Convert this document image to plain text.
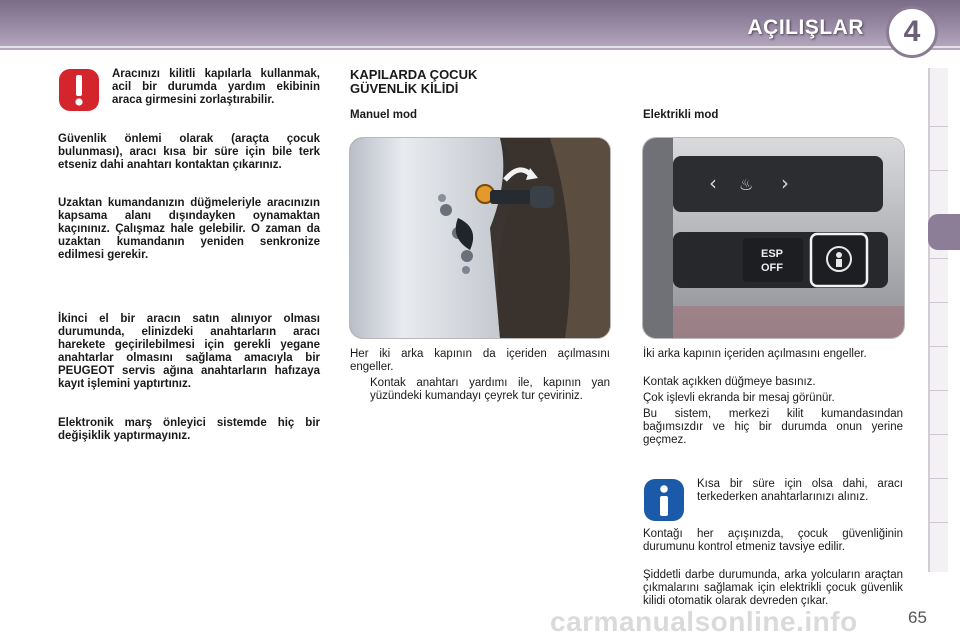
AÇILIŞLAR	4
Aracınızı kilitli kapılarla kullanmak, acil bir durumda yardım ekibinin araca girmesini zorlaştırabilir.
Güvenlik önlemi olarak (araçta çocuk bulunması), aracı kısa bir süre için bile terk etseniz dahi anahtarı kontaktan çıkarınız.
Uzaktan kumandanızın düğmeleriyle aracınızın kapsama alanı dışındayken oynamaktan kaçınınız. Çalışmaz hale gelebilir. O zaman da uzaktan kumandanın yeniden senkronize edilmesi gerekir.
İkinci el bir aracın satın alınıyor olması durumunda, elinizdeki anahtarların aracı harekete geçirilebilmesi için gerekli yegane anahtarlar olmasını sağlama amacıyla bir PEUGEOT servis ağına anahtarların hafızaya kayıt işlemini yaptırtınız.
Elektronik marş önleyici sistemde hiç bir değişiklik yaptırmayınız.
KAPILARDA ÇOCUK
GÜVENLİK KİLİDİ
Manuel mod
Her iki arka kapının da içeriden açılmasını engeller.
Kontak anahtarı yardımı ile, kapının yan yüzündeki kumandayı çeyrek tur çeviriniz.
Elektrikli mod
‹ ♨ ›
ESP
OFF
İki arka kapının içeriden açılmasını engeller.
Kontak açıkken düğmeye basınız.
Çok işlevli ekranda bir mesaj görünür.
Bu sistem, merkezi kilit kumandasından bağımsızdır ve hiç bir durumda onun yerine geçmez.
Kısa bir süre için olsa dahi, aracı terkederken anahtarlarınızı alınız.
Kontağı her açışınızda, çocuk güvenliğinin durumunu kontrol etmeniz tavsiye edilir.
Şiddetli darbe durumunda, arka yolcuların araçtan çıkmalarını sağlamak için elektrikli çocuk güvenlik kilidi otomatik olarak devreden çıkar.
carmanualsonline.info	65
